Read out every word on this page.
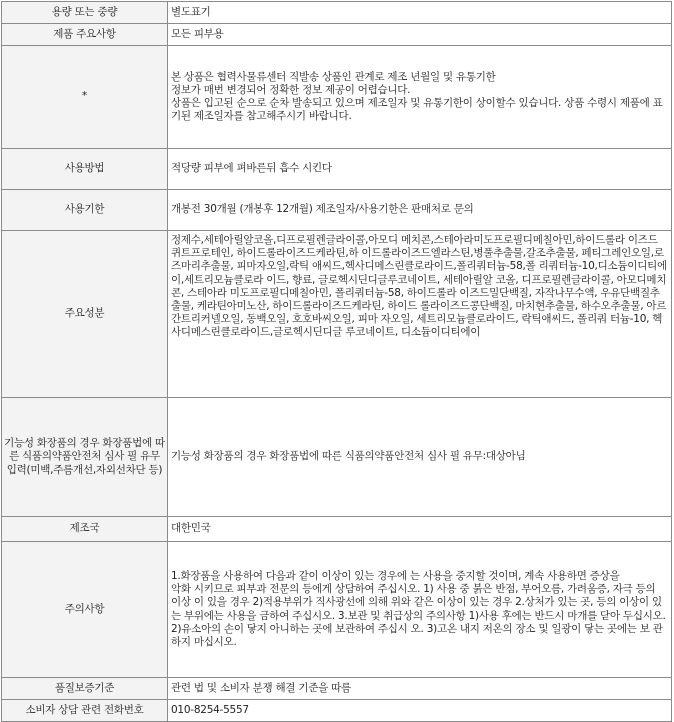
용량 또는 중량	별도표기
제품 주요사항	모든 피부용
*	본 상품은 협력사물류센터 직발송 상품인 관계로 제조 년월일 및 유통기한
정보가 매번 변경되어 정확한 정보 제공이 어렵습니다.
상품은 입고된 순으로 순차 발송되고 있으며 제조일자 및 유통기한이 상이할수 있습니다. 상품 수령시 제품에 표기된 제조일자를 참고해주시기 바랍니다.
사용방법	적당량 피부에 펴바른뒤 흡수 시킨다
사용기한	개봉전 30개월 (개봉후 12개월) 제조일자/사용기한은 판매처로 문의
주요성분	정제수,세테아릴알코올,디프로필렌글라이콜,아모디 메치콘,스테아라미도프로필디메칠아민,하이드롤라 이즈드퀴트프로테인, 하이드롤라이즈드케라틴,하 이드롤라이즈드엘라스틴,병풀추출물,갈조추출물, 페티그레인오일,로즈마리추출물, 피마자오일,락틱 애씨드,헥사디메스린클로라이드,폴리쿼터늄-58,폴 리쿼터늄-10,디소듐이디티에이,세트리모늄클로라 이드, 향료, 글로헥시딘디글루코네이트, 세테아릴알 코올, 디프로필렌글라이콜, 아모디메치콘, 스테아라 미도프로필디메칠아민, 폴리쿼터늄-58, 하이드롤라 이즈드밀단백질, 자작나무수액, 우유단백질추출물, 케라틴아미노산, 하이드롤라이즈드케라틴, 하이드 롤라이즈드콩단백질, 마치현추출물, 하수오추출물, 아르간트리커넬오일, 동백오일, 호호바씨오일, 피마 자오일, 세트리모늄클로라이드, 락틱애씨드, 폴리쿼 터늄-10, 헥사디메스린클로라이드,글로헥시딘디글 루코네이트, 디소듐이디티에이
기능성 화장품의 경우 화장품법에 따른 식품의약품안전처 심사 필 유무 입력(미백,주름개선,자외선차단 등)	기능성 화장품의 경우 화장품법에 따른 식품의약품안전처 심사 필 유무:대상아님
제조국	대한민국
주의사항	1.화장품을 사용하여 다음과 같이 이상이 있는 경우에 는 사용을 중지할 것이며, 계속 사용하면 증상을
악화 시키므로 피부과 전문의 등에게 상담하여 주십시오. 1) 사용 중 붉은 반점, 부어오름, 가려움증, 자극 등의 이상 이 있을 경우 2)적용부위가 직사광선에 의해 위와 같은 이상이 있는 경우 2.상처가 있는 곳, 등의 이상이 있는 부위에는 사용을 금하여 주십시오. 3.보관 및 취급상의 주의사항 1)사용 후에는 반드시 마개를 닫아 두십시오. 2)유소아의 손이 닿지 아니하는 곳에 보관하여 주십시 오. 3)고온 내지 저온의 장소 및 일광이 닿는 곳에는 보 관하지 마십시오.
품질보증기준	관련 법 및 소비자 분쟁 해결 기준을 따름
소비자 상담 관련 전화번호	010-8254-5557
